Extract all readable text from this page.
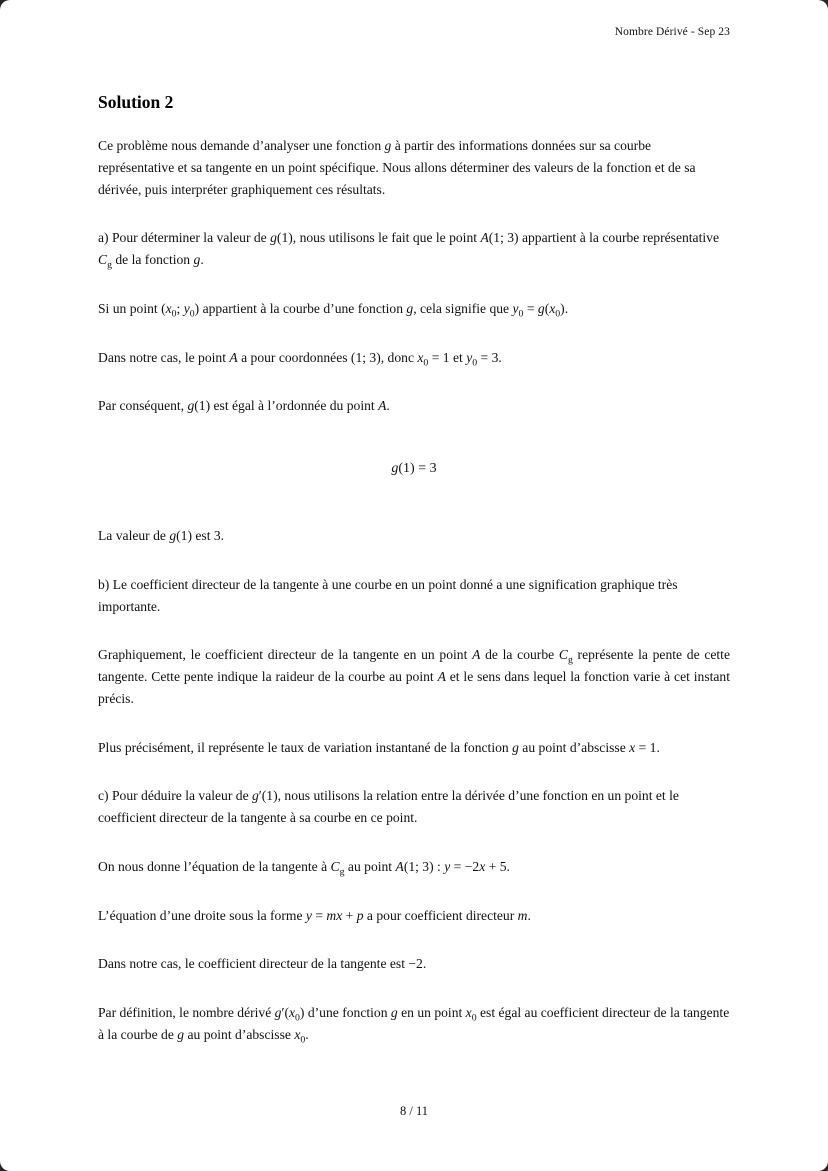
Nombre Dérivé - Sep 23
Solution 2

Ce problème nous demande d’analyser une fonction g à partir des informations données sur sa courbe représentative et sa tangente en un point spécifique. Nous allons déterminer des valeurs de la fonction et de sa dérivée, puis interpréter graphiquement ces résultats.

a) Pour déterminer la valeur de g(1), nous utilisons le fait que le point A(1; 3) appartient à la courbe représentative $C_g$ de la fonction g.

Si un point ($x_0$; $y_0$) appartient à la courbe d’une fonction g, cela signifie que $y_0 = g(x_0)$.

Dans notre cas, le point A a pour coordonnées (1; 3), donc $x_0 = 1$ et $y_0 = 3$.

Par conséquent, g(1) est égal à l’ordonnée du point A.

g(1) = 3

La valeur de g(1) est 3.

b) Le coefficient directeur de la tangente à une courbe en un point donné a une signification graphique très importante.

Graphiquement, le coefficient directeur de la tangente en un point A de la courbe $C_g$ représente la pente de cette tangente. Cette pente indique la raideur de la courbe au point A et le sens dans lequel la fonction varie à cet instant précis.

Plus précisément, il représente le taux de variation instantané de la fonction g au point d’abscisse x = 1.

c) Pour déduire la valeur de g′(1), nous utilisons la relation entre la dérivée d’une fonction en un point et le coefficient directeur de la tangente à sa courbe en ce point.

On nous donne l’équation de la tangente à $C_g$ au point A(1; 3) : y = −2x + 5.

L’équation d’une droite sous la forme y = mx + p a pour coefficient directeur m.

Dans notre cas, le coefficient directeur de la tangente est −2.

Par définition, le nombre dérivé $g'(x_0)$ d’une fonction g en un point $x_0$ est égal au coefficient directeur de la tangente à la courbe de g au point d’abscisse $x_0$.

8 / 11
